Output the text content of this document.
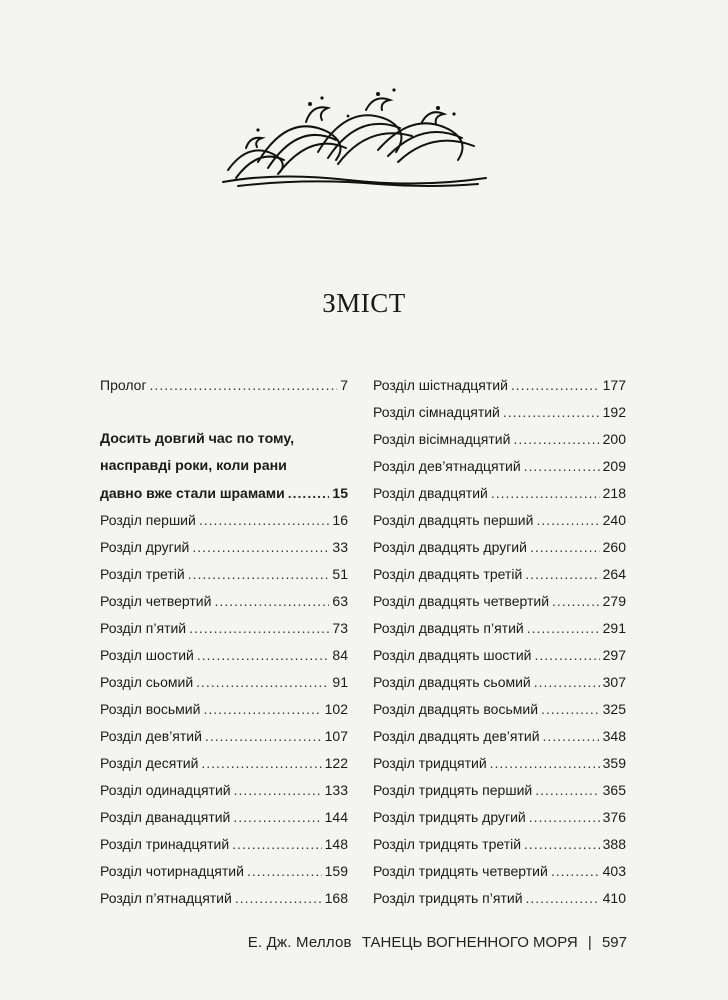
ЗМІСТ
Пролог .....	7
Досить довгий час по тому,
насправді роки, коли рани
давно вже стали шрамами .....	15
Розділ перший .....	16
Розділ другий .....	33
Розділ третій .....	51
Розділ четвертий .....	63
Розділ п’ятий .....	73
Розділ шостий .....	84
Розділ сьомий .....	91
Розділ восьмий .....	102
Розділ дев’ятий .....	107
Розділ десятий .....	122
Розділ одинадцятий .....	133
Розділ дванадцятий .....	144
Розділ тринадцятий .....	148
Розділ чотирнадцятий .....	159
Розділ п’ятнадцятий .....	168
Розділ шістнадцятий .....	177
Розділ сімнадцятий .....	192
Розділ вісімнадцятий .....	200
Розділ дев’ятнадцятий .....	209
Розділ двадцятий .....	218
Розділ двадцять перший .....	240
Розділ двадцять другий .....	260
Розділ двадцять третій .....	264
Розділ двадцять четвертий .....	279
Розділ двадцять п’ятий .....	291
Розділ двадцять шостий .....	297
Розділ двадцять сьомий .....	307
Розділ двадцять восьмий .....	325
Розділ двадцять дев’ятий .....	348
Розділ тридцятий .....	359
Розділ тридцять перший .....	365
Розділ тридцять другий .....	376
Розділ тридцять третій .....	388
Розділ тридцять четвертий .....	403
Розділ тридцять п’ятий .....	410
Е. Дж. Меллов ТАНЕЦЬ ВОГНЕННОГО МОРЯ | 597
